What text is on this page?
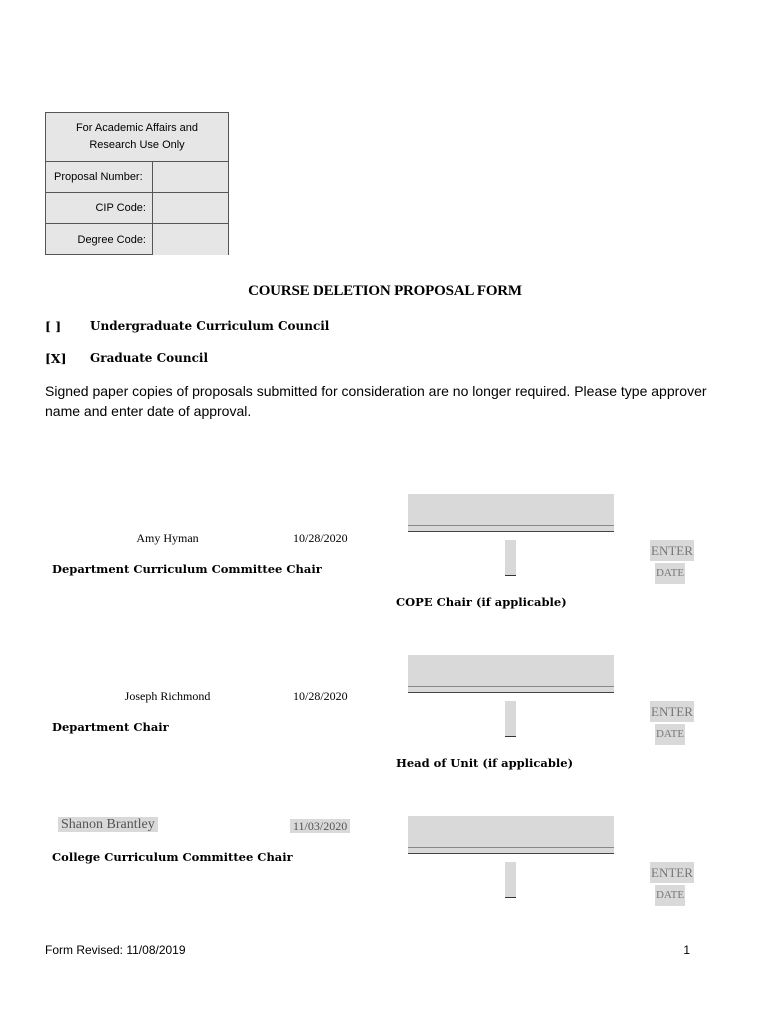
For Academic Affairs and Research Use Only
Proposal Number:
CIP Code:
Degree Code:
COURSE DELETION PROPOSAL FORM
[ ]	Undergraduate Curriculum Council
[X]	Graduate Council
Signed paper copies of proposals submitted for consideration are no longer required. Please type approver name and enter date of approval.
Amy Hyman	10/28/2020
Department Curriculum Committee Chair
ENTER
DATE
COPE Chair (if applicable)
Joseph Richmond	10/28/2020
Department Chair
ENTER
DATE
Head of Unit (if applicable)
Shanon Brantley	11/03/2020
College Curriculum Committee Chair
ENTER
DATE
Form Revised: 11/08/2019	1
